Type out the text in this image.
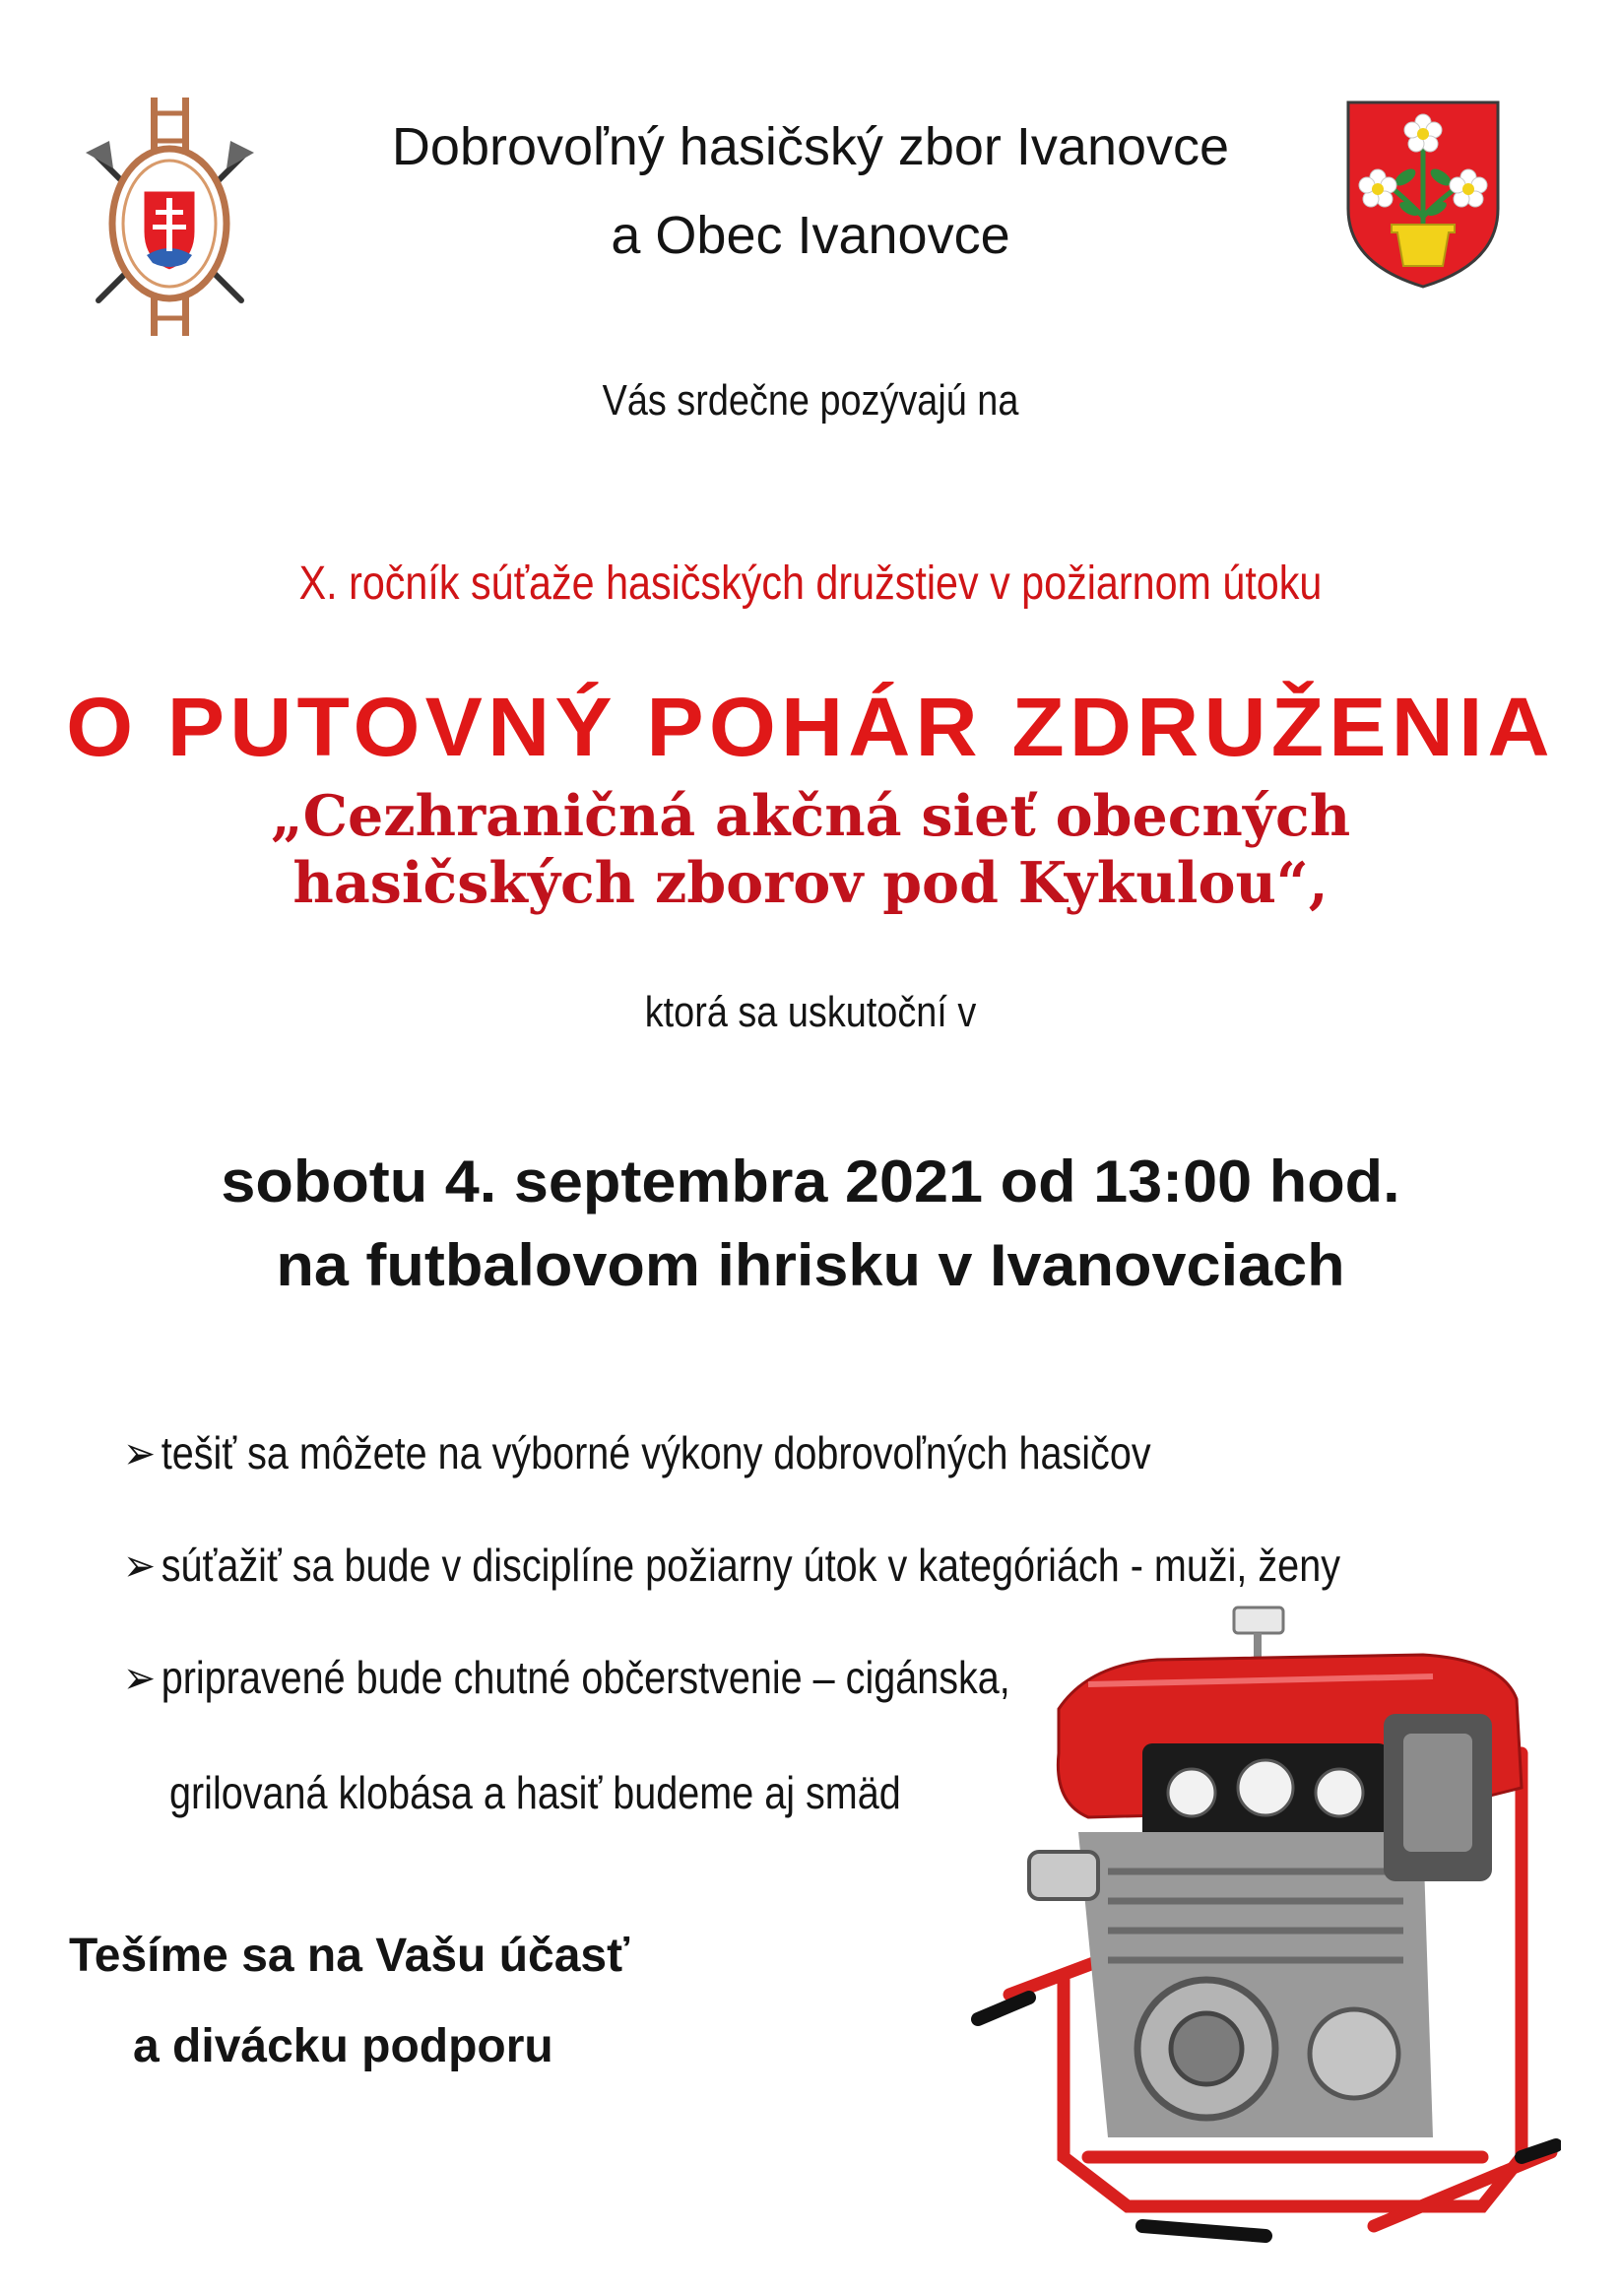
Dobrovoľný hasičský zbor Ivanovce
a Obec Ivanovce
Vás srdečne pozývajú na
X. ročník súťaže hasičských družstiev v požiarnom útoku
O PUTOVNÝ POHÁR ZDRUŽENIA
„Cezhraničná akčná sieť obecných
hasičských zborov pod Kykulou“,
ktorá sa uskutoční v
sobotu 4. septembra 2021 od 13:00 hod.
na futbalovom ihrisku v Ivanovciach
➢ tešiť sa môžete na výborné výkony dobrovoľných hasičov
➢ súťažiť sa bude v disciplíne požiarny útok v kategóriách - muži, ženy
➢ pripravené bude chutné občerstvenie – cigánska,
grilovaná klobása a hasiť budeme aj smäd
Tešíme sa na Vašu účasť
a divácku podporu
